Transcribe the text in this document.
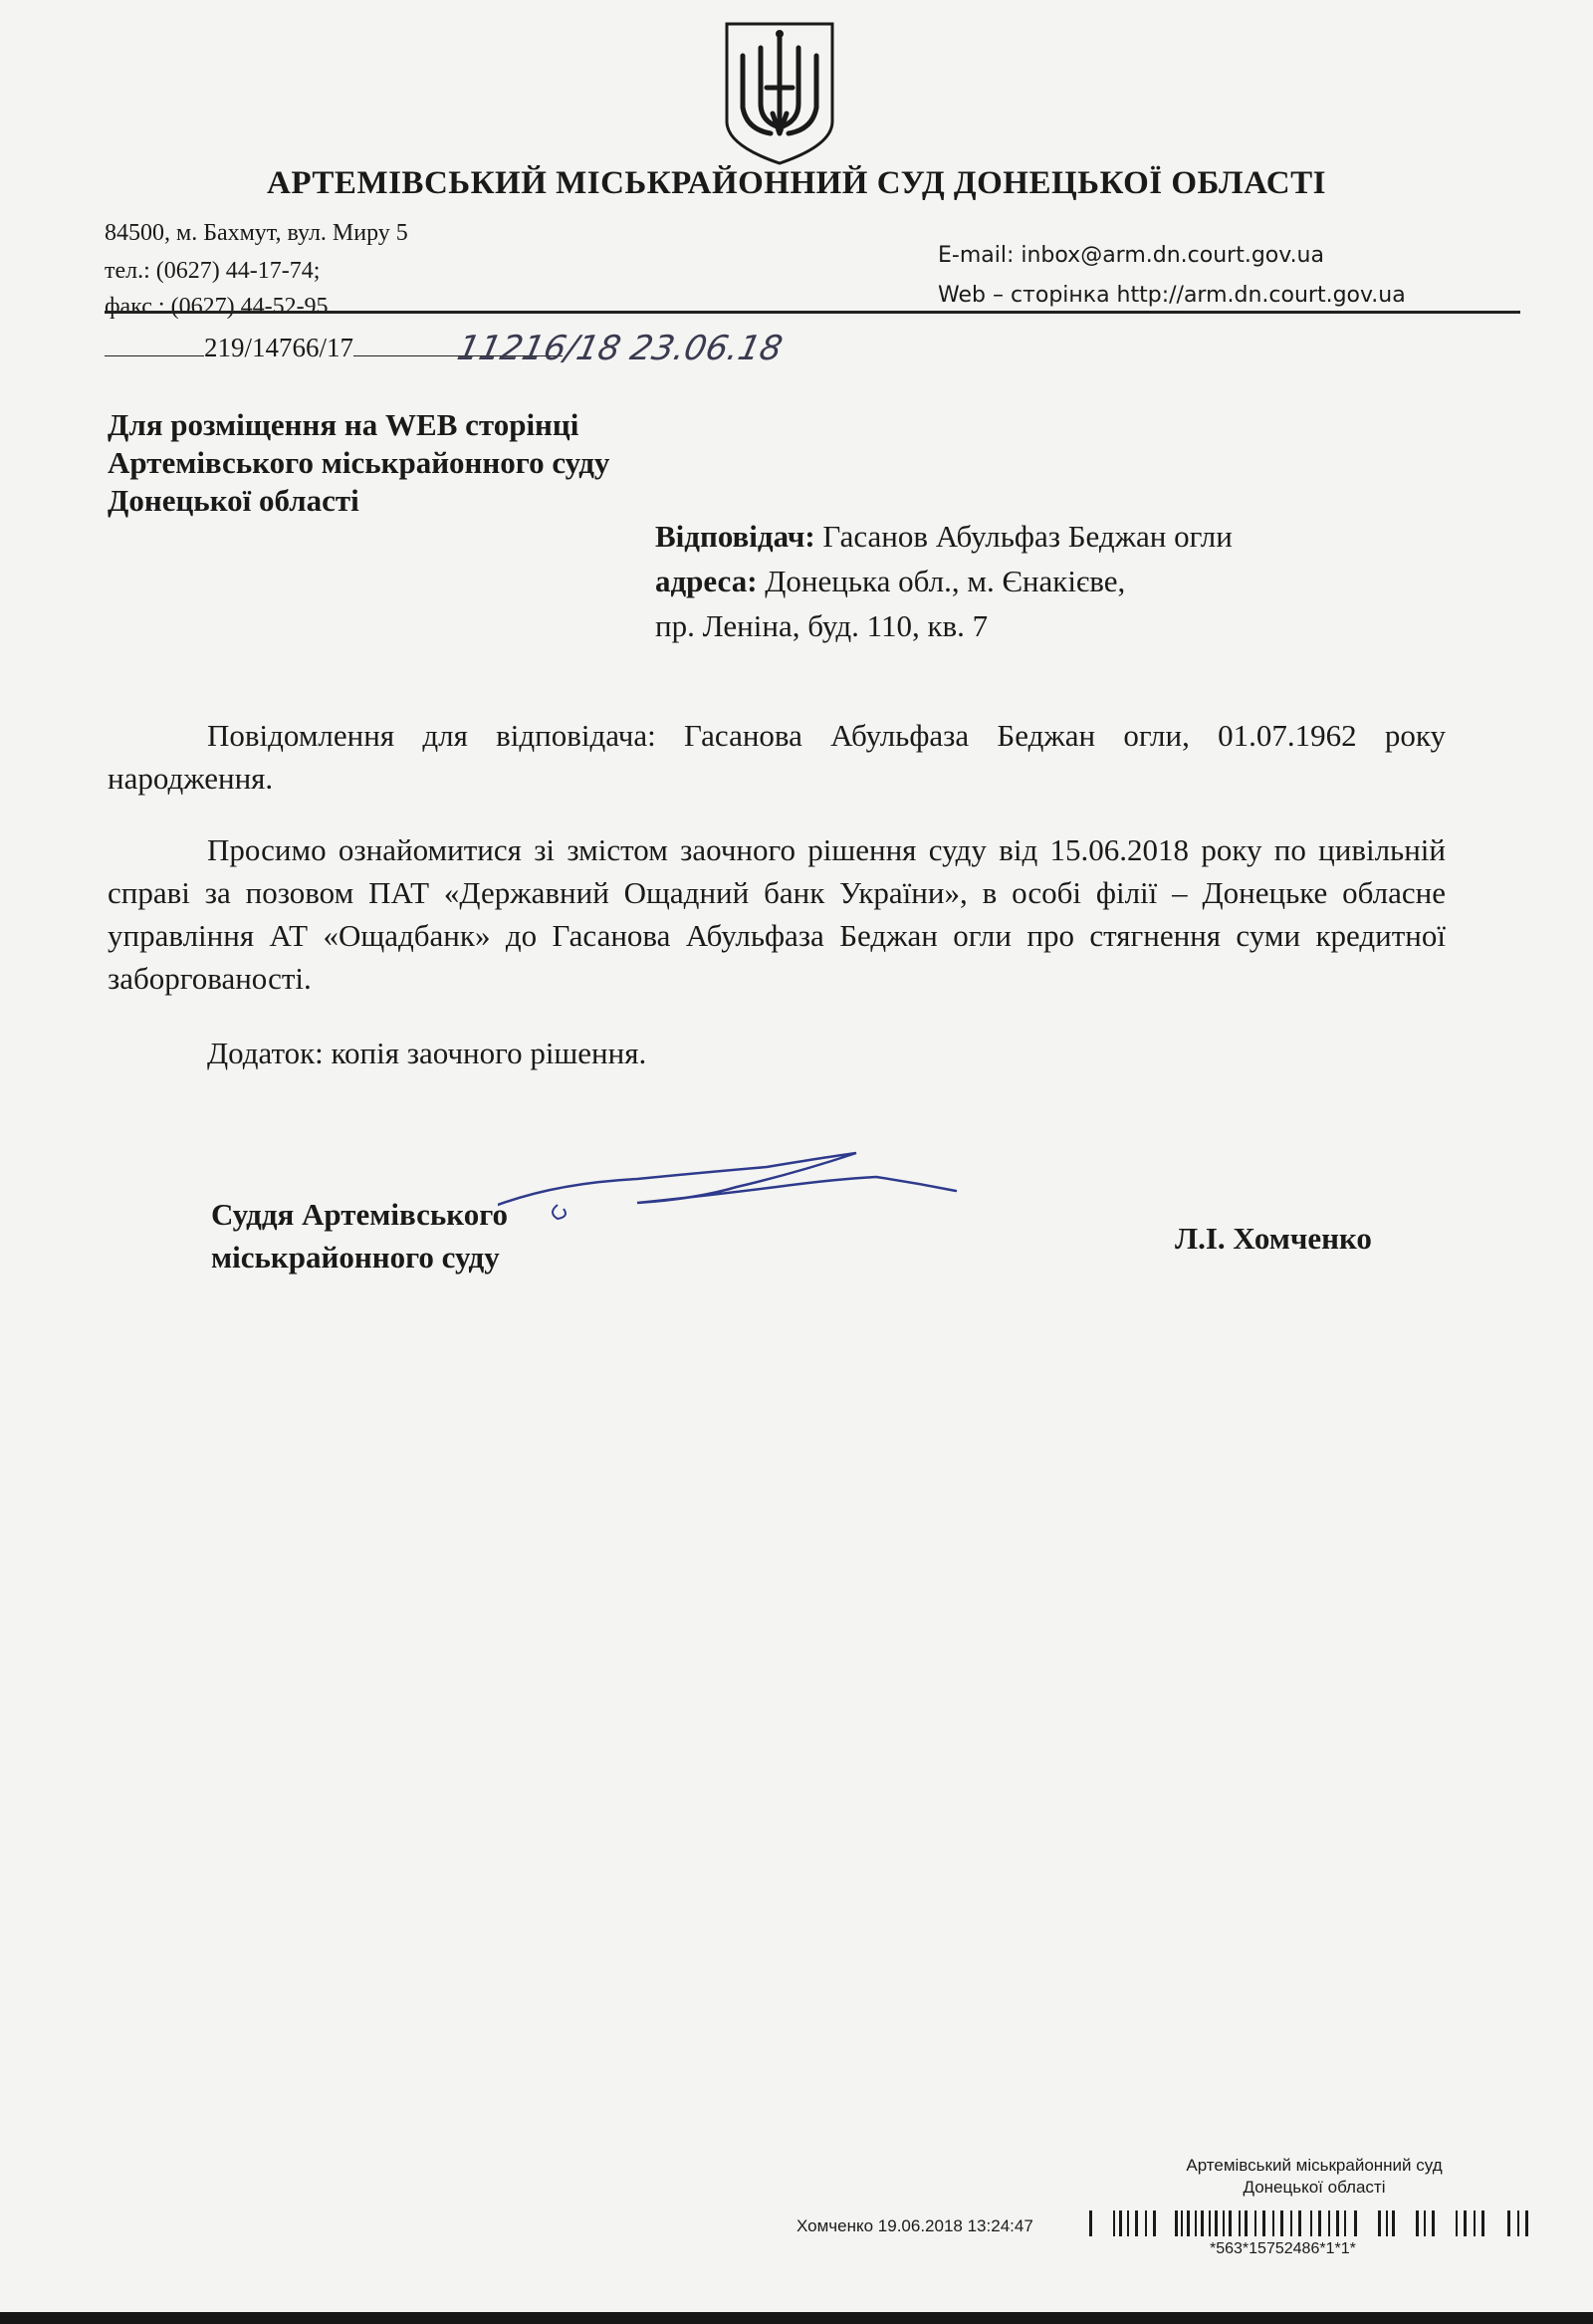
АРТЕМІВСЬКИЙ МІСЬКРАЙОННИЙ СУД ДОНЕЦЬКОЇ ОБЛАСТІ
84500, м. Бахмут, вул. Миру 5
тел.: (0627) 44-17-74;
факс.: (0627) 44-52-95.
E-mail: inbox@arm.dn.court.gov.ua
Web – сторінка http://arm.dn.court.gov.ua
219/14766/17	11216/18 23.06.18
Для розміщення на WEB сторінці
Артемівського міськрайонного суду
Донецької області
Відповідач: Гасанов Абульфаз Беджан огли
адреса: Донецька обл., м. Єнакієве,
пр. Леніна, буд. 110, кв. 7
Повідомлення для відповідача: Гасанова Абульфаза Беджан огли, 01.07.1962 року народження.
Просимо ознайомитися зі змістом заочного рішення суду від 15.06.2018 року по цивільній справі за позовом ПАТ «Державний Ощадний банк України», в особі філії – Донецьке обласне управління АТ «Ощадбанк» до Гасанова Абульфаза Беджан огли про стягнення суми кредитної заборгованості.
Додаток: копія заочного рішення.
Суддя Артемівського
міськрайонного суду
Л.І. Хомченко
Артемівський міськрайонний суд
Донецької області
Хомченко 19.06.2018 13:24:47
*563*15752486*1*1*
